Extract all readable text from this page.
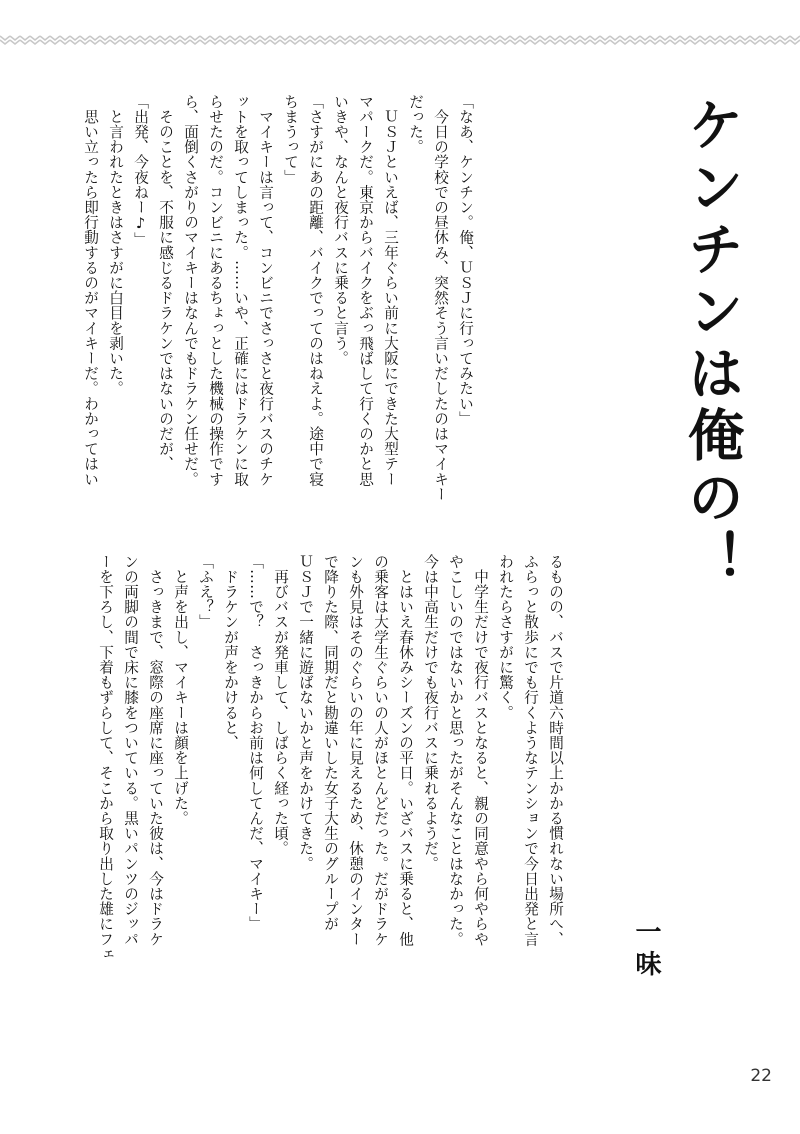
ケンチンは俺の！

「なあ、ケンチン。俺、ＵＳＪに行ってみたい」

　今日の学校での昼休み、突然そう言いだしたのはマイキー

だった。

　ＵＳＪといえば、三年ぐらい前に大阪にできた大型テー

マパークだ。東京からバイクをぶっ飛ばして行くのかと思

いきや、なんと夜行バスに乗ると言う。

「さすがにあの距離、バイクでってのはねえよ。途中で寝

ちまうって」

　マイキーは言って、コンビニでさっさと夜行バスのチケ

ットを取ってしまった。……いや、正確にはドラケンに取

らせたのだ。コンビニにあるちょっとした機械の操作です

ら、面倒くさがりのマイキーはなんでもドラケン任せだ。

　そのことを、不服に感じるドラケンではないのだが、

「出発、今夜ねー♪」

　と言われたときはさすがに白目を剥いた。

　思い立ったら即行動するのがマイキーだ。わかってはい

るものの、バスで片道六時間以上かかる慣れない場所へ、

ふらっと散歩にでも行くようなテンションで今日出発と言

われたらさすがに驚く。

　中学生だけで夜行バスとなると、親の同意やら何やらや

やこしいのではないかと思ったがそんなことはなかった。

今は中高生だけでも夜行バスに乗れるようだ。

　とはいえ春休みシーズンの平日。いざバスに乗ると、他

の乗客は大学生ぐらいの人がほとんどだった。だがドラケ

ンも外見はそのぐらいの年に見えるため、休憩のインター

で降りた際、同期だと勘違いした女子大生のグループが

ＵＳＪで一緒に遊ばないかと声をかけてきた。

　再びバスが発車して、しばらく経った頃。

「……で？　さっきからお前は何してんだ、マイキー」

　ドラケンが声をかけると、

「ふえ？」

　と声を出し、マイキーは顔を上げた。

　さっきまで、窓際の座席に座っていた彼は、今はドラケ

ンの両脚の間で床に膝をついている。黒いパンツのジッパ

ーを下ろし、下着もずらして、そこから取り出した雄にフェ	一味
22
